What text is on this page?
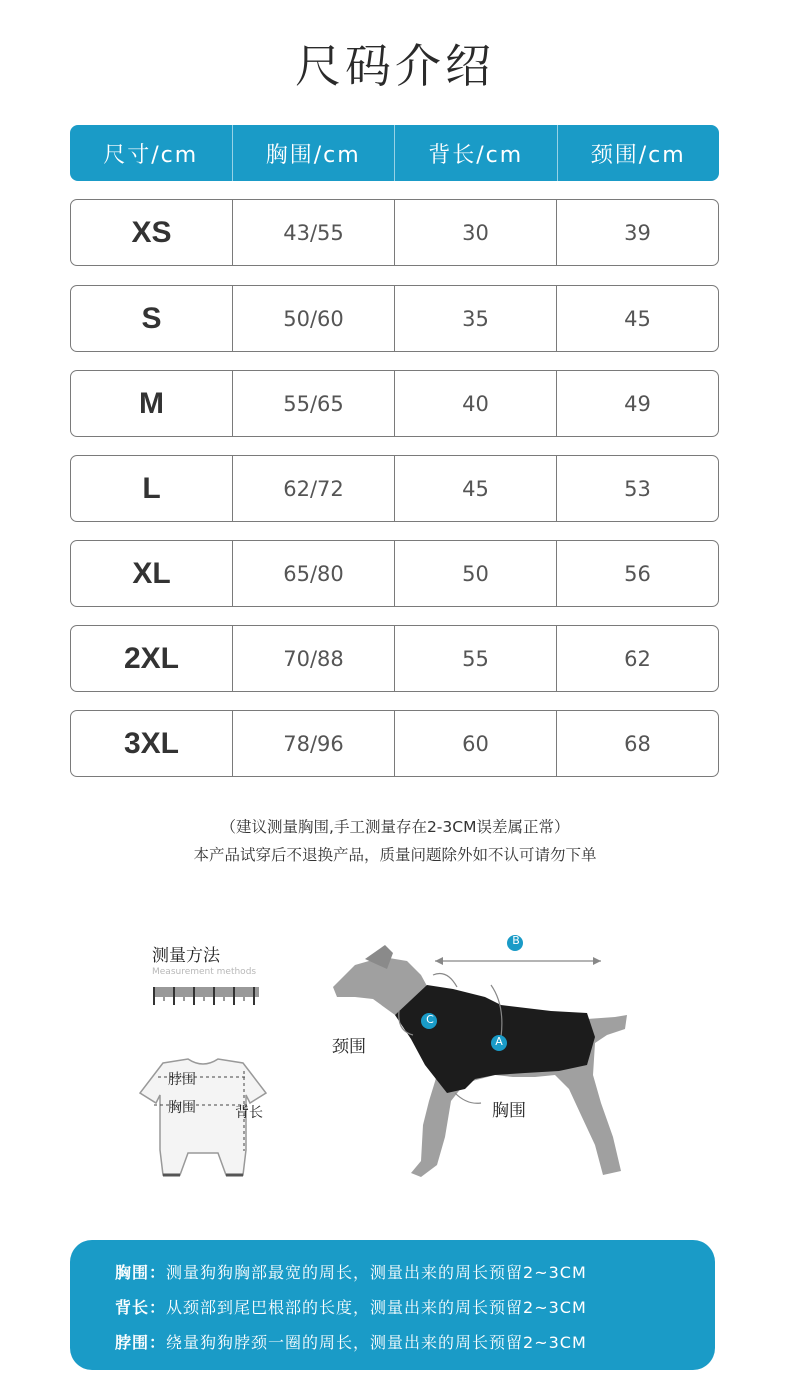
尺码介绍
尺寸/cm	胸围/cm	背长/cm	颈围/cm
XS	43/55	30	39
S	50/60	35	45
M	55/65	40	49
L	62/72	45	53
XL	65/80	50	56
2XL	70/88	55	62
3XL	78/96	60	68
（建议测量胸围,手工测量存在2-3CM误差属正常）
本产品试穿后不退换产品，质量问题除外如不认可请勿下单
测量方法
Measurement methods
脖围
胸围	背长
B
C
A
颈围
胸围
胸围：测量狗狗胸部最宽的周长，测量出来的周长预留2~3CM
背长：从颈部到尾巴根部的长度，测量出来的周长预留2~3CM
脖围：绕量狗狗脖颈一圈的周长，测量出来的周长预留2~3CM
